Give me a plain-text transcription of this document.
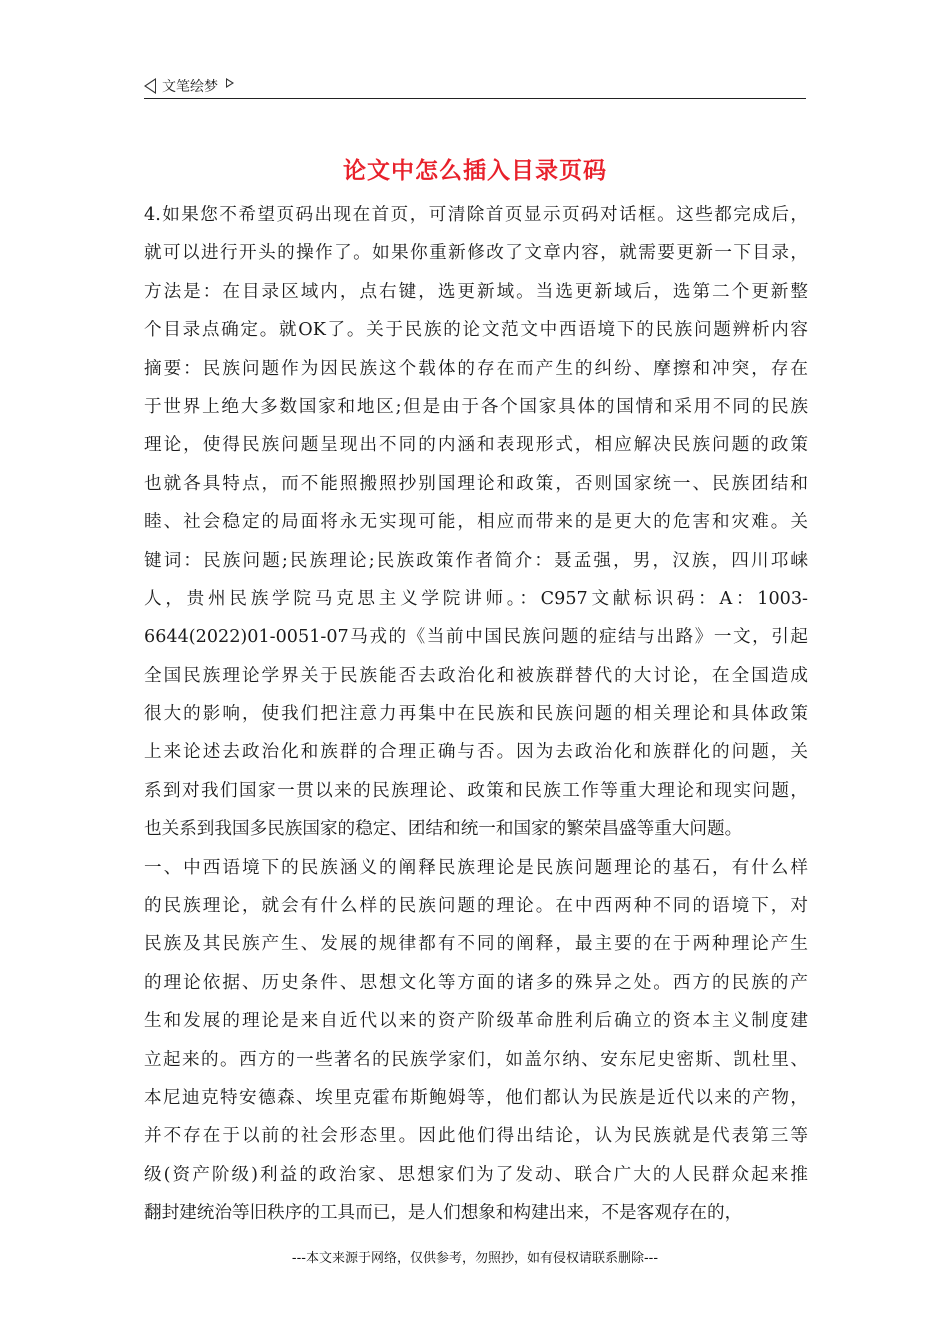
文笔绘梦
论文中怎么插入目录页码
4.如果您不希望页码出现在首页，可清除首页显示页码对话框。这些都完成后，
就可以进行开头的操作了。如果你重新修改了文章内容，就需要更新一下目录，
方法是：在目录区域内，点右键，选更新域。当选更新域后，选第二个更新整
个目录点确定。就OK了。关于民族的论文范文中西语境下的民族问题辨析内容
摘要：民族问题作为因民族这个载体的存在而产生的纠纷、摩擦和冲突，存在
于世界上绝大多数国家和地区;但是由于各个国家具体的国情和采用不同的民族
理论，使得民族问题呈现出不同的内涵和表现形式，相应解决民族问题的政策
也就各具特点，而不能照搬照抄别国理论和政策，否则国家统一、民族团结和
睦、社会稳定的局面将永无实现可能，相应而带来的是更大的危害和灾难。关
键词：民族问题;民族理论;民族政策作者简介：聂孟强，男，汉族，四川邛崃
人，贵州民族学院马克思主义学院讲师。：C957文献标识码：A：1003-
6644(2022)01-0051-07马戎的《当前中国民族问题的症结与出路》一文，引起
全国民族理论学界关于民族能否去政治化和被族群替代的大讨论，在全国造成
很大的影响，使我们把注意力再集中在民族和民族问题的相关理论和具体政策
上来论述去政治化和族群的合理正确与否。因为去政治化和族群化的问题，关
系到对我们国家一贯以来的民族理论、政策和民族工作等重大理论和现实问题，
也关系到我国多民族国家的稳定、团结和统一和国家的繁荣昌盛等重大问题。
一、中西语境下的民族涵义的阐释民族理论是民族问题理论的基石，有什么样
的民族理论，就会有什么样的民族问题的理论。在中西两种不同的语境下，对
民族及其民族产生、发展的规律都有不同的阐释，最主要的在于两种理论产生
的理论依据、历史条件、思想文化等方面的诸多的殊异之处。西方的民族的产
生和发展的理论是来自近代以来的资产阶级革命胜利后确立的资本主义制度建
立起来的。西方的一些著名的民族学家们，如盖尔纳、安东尼史密斯、凯杜里、
本尼迪克特安德森、埃里克霍布斯鲍姆等，他们都认为民族是近代以来的产物，
并不存在于以前的社会形态里。因此他们得出结论，认为民族就是代表第三等
级(资产阶级)利益的政治家、思想家们为了发动、联合广大的人民群众起来推
翻封建统治等旧秩序的工具而已，是人们想象和构建出来，不是客观存在的，
---本文来源于网络，仅供参考，勿照抄，如有侵权请联系删除---
